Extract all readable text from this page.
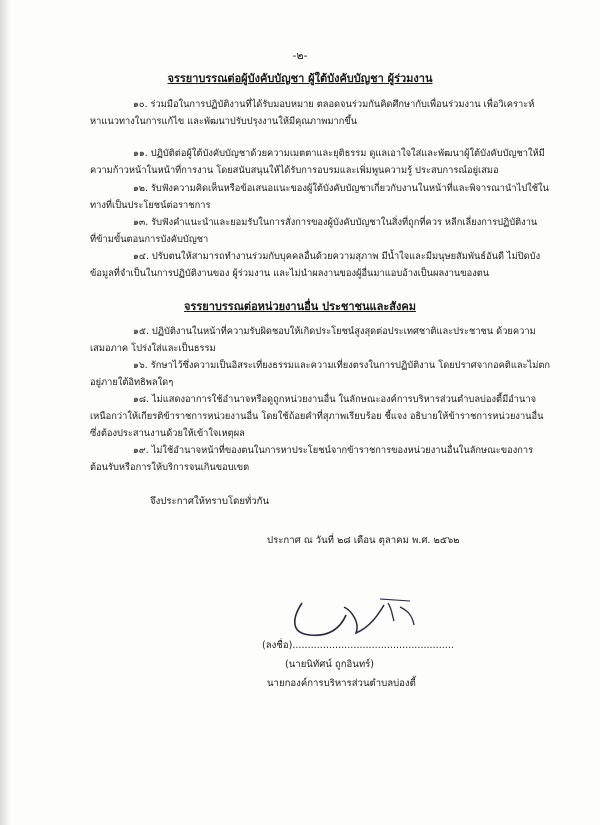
-๒-
จรรยาบรรณต่อผู้บังคับบัญชา ผู้ใต้บังคับบัญชา ผู้ร่วมงาน
๑๐. ร่วมมือในการปฏิบัติงานที่ได้รับมอบหมาย ตลอดจนร่วมกันคิดศึกษากับเพื่อนร่วมงาน เพื่อวิเคราะห์
หาแนวทางในการแก้ไข และพัฒนาปรับปรุงงานให้มีคุณภาพมากขึ้น
๑๑. ปฏิบัติต่อผู้ใต้บังคับบัญชาด้วยความเมตตาและยุติธรรม ดูแลเอาใจใส่และพัฒนาผู้ใต้บังคับบัญชาให้มี
ความก้าวหน้าในหน้าที่การงาน โดยสนับสนุนให้ได้รับการอบรมและเพิ่มพูนความรู้ ประสบการณ์อยู่เสมอ
๑๒. รับฟังความคิดเห็นหรือข้อเสนอแนะของผู้ใต้บังคับบัญชาเกี่ยวกับงานในหน้าที่และพิจารณานำไปใช้ใน
ทางที่เป็นประโยชน์ต่อราชการ
๑๓. รับฟังคำแนะนำและยอมรับในการสั่งการของผู้บังคับบัญชาในสิ่งที่ถูกที่ควร หลีกเลี่ยงการปฏิบัติงาน
ที่ข้ามขั้นตอนการบังคับบัญชา
๑๔. ปรับตนให้สามารถทำงานร่วมกับบุคคลอื่นด้วยความสุภาพ มีน้ำใจและมีมนุษยสัมพันธ์อันดี ไม่ปิดบัง
ข้อมูลที่จำเป็นในการปฏิบัติงานของ ผู้ร่วมงาน และไม่นำผลงานของผู้อื่นมาแอบอ้างเป็นผลงานของตน
จรรยาบรรณต่อหน่วยงานอื่น ประชาชนและสังคม
๑๕. ปฏิบัติงานในหน้าที่ความรับผิดชอบให้เกิดประโยชน์สูงสุดต่อประเทศชาติและประชาชน ด้วยความ
เสมอภาค โปร่งใส่และเป็นธรรม
๑๖. รักษาไว้ซึ่งความเป็นอิสระเที่ยงธรรมและความเที่ยงตรงในการปฏิบัติงาน โดยปราศจากอคติและไม่ตก
อยู่ภายใต้อิทธิพลใดๆ
๑๘. ไม่แสดงอาการใช้อำนาจหรือดูถูกหน่วยงานอื่น ในลักษณะองค์การบริหารส่วนตำบลบ่องตี้มีอำนาจ
เหนือกว่าให้เกียรติข้าราชการหน่วยงานอื่น โดยใช้ถ้อยคำที่สุภาพเรียบร้อย ชี้แจง อธิบายให้ข้าราชการหน่วยงานอื่น
ซึ่งต้องประสานงานด้วยให้เข้าใจเหตุผล
๑๙. ไม่ใช้อำนาจหน้าที่ของตนในการหาประโยชน์จากข้าราชการของหน่วยงานอื่นในลักษณะของการ
ต้อนรับหรือการให้บริการจนเกินขอบเขต
จึงประกาศให้ทราบโดยทั่วกัน
ประกาศ ณ วันที่ ๒๘ เดือน ตุลาคม พ.ศ. ๒๕๖๒
(ลงชื่อ).....................................................
(นายนิทัศน์ ถูกอินทร์)
นายกองค์การบริหารส่วนตำบลบ่องตี้
